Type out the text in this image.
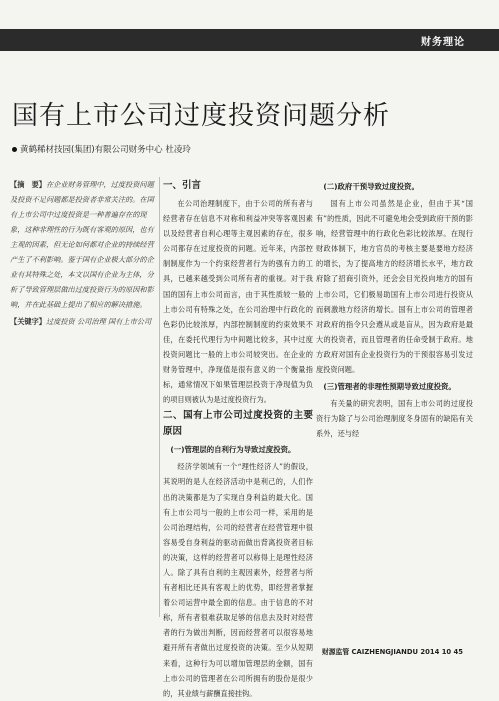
财务理论
国有上市公司过度投资问题分析
黄鹤稀材技园(集团)有限公司财务中心 杜凌玲
【摘　要】在企业财务管理中，过度投资问题及投资不足问题都是投资者非常关注的。在国有上市公司中过度投资是一种普遍存在的现象，这种非理性的行为既有客观的原因，也有主观的因素，但无论如何都对企业的持续经营产生了不利影响。鉴于国有企业极大部分的企业有其特殊之处，本文以国有企业为主体，分析了导致管理层做出过度投资行为的原因和影响，并在此基础上提出了相应的解决措施。
【关键字】过度投资 公司治理 国有上市公司
一、引言

在公司治理制度下，由于公司的所有者与经营者存在信息不对称和利益冲突等客观因素以及经营者自利心理等主观因素的存在，很多公司都存在过度投资的问题。近年来，内部控制制度作为一个约束经营者行为的强有力的工具，已越来越受到公司所有者的重视。对于我国的国有上市公司而言，由于其性质较一般的上市公司有特殊之处，在公司治理中行政化的色彩仍比较浓厚，内部控制制度的约束效果不佳，在委托代理行为中间题比较多，其中过度投资问题比一般的上市公司较突出。在企业的财务管理中，净现值是很有意义的一个衡量指标，通常情况下如果管理层投资于净现值为负的项目则被认为是过度投资行为。

二、国有上市公司过度投资的主要原因
(一)管理层的自利行为导致过度投资。

经济学领域有一个“理性经济人”的假设，其说明的是人在经济活动中是利己的，人们作出的决策都是为了实现自身利益的最大化。国有上市公司与一般的上市公司一样，采用的是公司治理结构，公司的经营者在经营管理中很容易受自身利益的驱动而做出背离投资者目标的决策，这样的经营者可以称得上是理性经济人。除了具有自利的主观因素外，经营者与所有者相比还具有客观上的优势，即经营者掌握着公司运营中最全面的信息。由于信息的不对称，所有者很难获取足够的信息去及时对经营者的行为做出判断，因而经营者可以很容易地避开所有者做出过度投资的决策。至少从短期来看，这种行为可以增加管理层的金额，国有上市公司的管理者在公司所拥有的股份是很少的，其业绩与薪酬直接挂钩。

(二)政府干预导致过度投资。

国有上市公司虽然是企业，但由于其“国有”的性质，因此不可避免地会受到政府干预的影响，经营管理中的行政化色彩比较浓厚。在现行财政体制下，地方官员的考核主要是要地方经济的增长，为了提高地方的经济增长水平，地方政府除了招商引资外，还会会目光投向地方的国有上市公司，它们极易助国有上市公司进行投资从而刺激地方经济的增长。国有上市公司的管理者对政府的指令只会遵从或是盲从，因为政府是最大的投资者，而且管理者的任命受制于政府。地方政府对国有企业投资行为的干预很容易引发过度投资问题。

(三)管理者的非理性预期导致过度投资。

有关量的研究表明，国有上市公司的过度投资行为除了与公司治理制度冬身固有的缺陷有关系外，还与经

财源监管 CAIZHENGJIANDU 2014 10 45
